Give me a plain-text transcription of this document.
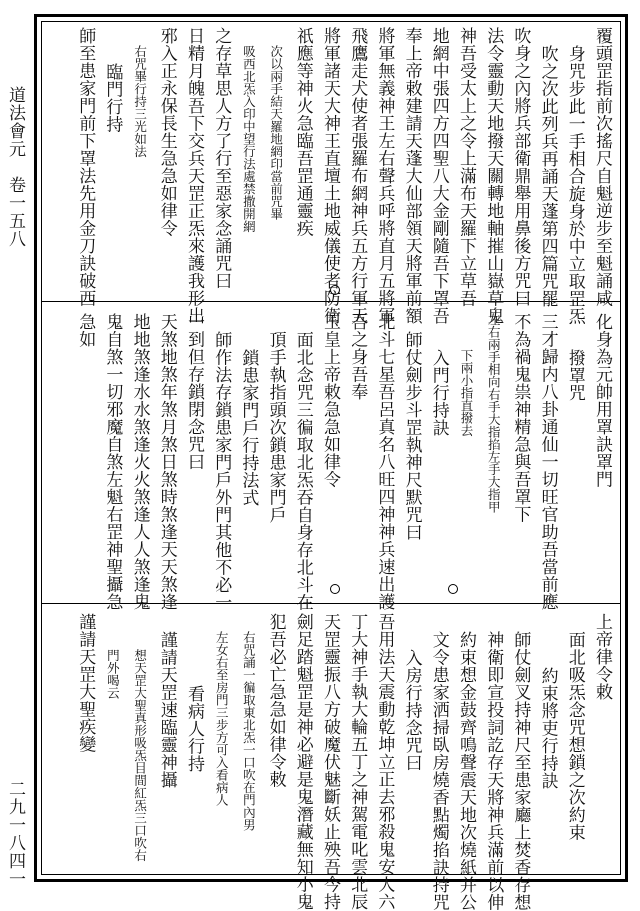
道法會元　卷一五八
二九一八四一
覆頭罡指前次搖尺自魁逆步至魁誦咸
身咒步此一手相合旋身於中立取罡炁
吹之次此列兵再誦天蓬第四篇咒罷
吹身之內將兵部衛鼎舉用鼻後方咒曰
法令靈動天地撥天關轉地軸摧山嶽草鬼
神吾受太上之令上滿布天羅下立草吾
地網中張四方四聖八大金剛隨吾下罩吾
奉上帝敕建請天蓬大仙部領天將軍前額
將軍無義神王左右聲兵呼將直月五將軍
飛鷹走犬使者張羅布網神兵五方行軍天
將軍諸天大神王直壇土地威儀使者防衛
祇應等神火急臨吾罡通靈疾
次以兩手結天羅地網印當前咒畢
吸西北炁入印中望行法處禁撒開網
之存草思人方了行至惡家念誦咒曰
日精月魄吾下交兵天罡正炁來護我形出
邪入正永保長生急急如律令
右咒畢行持三光如法
臨門行持
師至患家門前下罩法先用金刀訣破西
化身為元帥用罩訣罩門
撥罩咒
三才歸内八卦通仙一切旺官助吾當前應
不為禍鬼祟神精急與吾罩下
左右兩手相向右手大指掐左手大指甲
下兩小指直撥去
入門行持訣
師仗劍步斗罡執神尺默咒曰
北斗七星吾呂真名八旺四神神兵速出護
吾之身吾奉
玉皇上帝敕急急如律令
面北念咒三徧取北炁吞自身存北斗在
頂手執指頭次鎖患家門戶
鎖患家門戶行持法式
師作法存鎖患家門戶外門其他不必一
一到但存鎖閉念咒曰
天煞地煞年煞月煞日煞時煞逢天天煞逢
地地煞逢水水煞逢火火煞逢人人煞逢鬼
鬼自煞一切邪魔自煞左魁右罡神聖攝急
急如
上帝律令敕
面北吸炁念咒想鎖之次約束
約束將吏行持訣
師仗劍叉持神尺至患家廳上焚香存想
神衛即宣投詞訖存天將神兵滿前以伸
約束想金鼓齊鳴聲震天地次燒紙并公
文令患家洒掃臥房燒香點燭掐訣持咒
入房行持念咒曰
吾用法天震動乾坤立正去邪殺鬼安人六
丁大神手執大輪五丁之神駕電叱雲北辰
天罡靈振八方破魔伏魅斷妖止殃吾今持
劍足踏魁罡是神必避是鬼潛藏無知小鬼
犯吾必亡急急如律令敕
右咒誦一徧取東北炁一口吹在門內男
左女右至房門三步方可入看病人
看病人行持
謹請天罡速臨靈神攝
想天罡大聖真形吸炁目間紅炁三口吹右
門外喝云
謹請天罡大聖疾變
